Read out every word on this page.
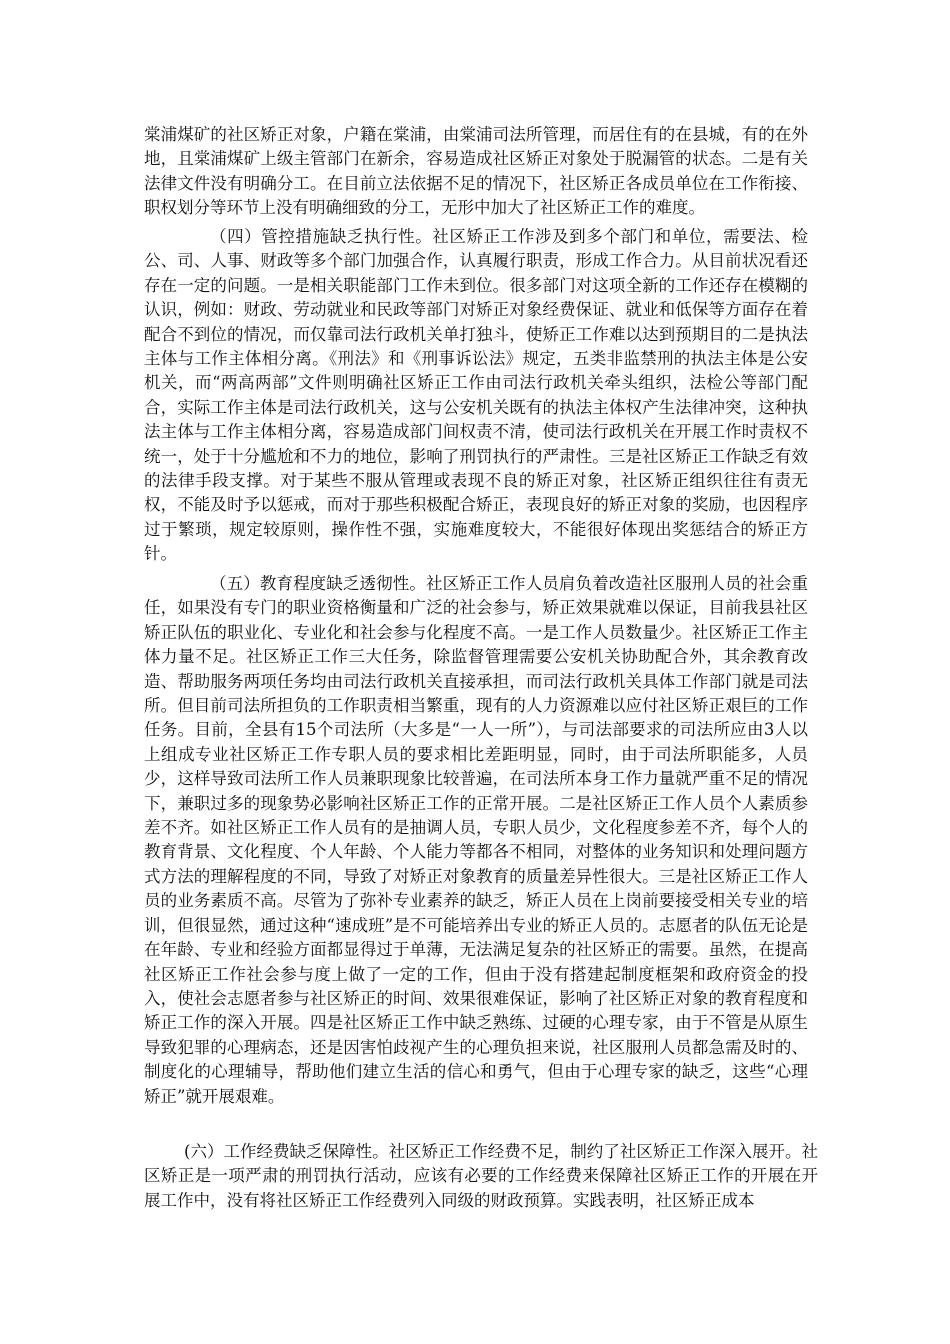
棠浦煤矿的社区矫正对象，户籍在棠浦，由棠浦司法所管理，而居住有的在县城，有的在外地，且棠浦煤矿上级主管部门在新余，容易造成社区矫正对象处于脱漏管的状态。二是有关法律文件没有明确分工。在目前立法依据不足的情况下，社区矫正各成员单位在工作衔接、职权划分等环节上没有明确细致的分工，无形中加大了社区矫正工作的难度。

（四）管控措施缺乏执行性。社区矫正工作涉及到多个部门和单位，需要法、检公、司、人事、财政等多个部门加强合作，认真履行职责，形成工作合力。从目前状况看还存在一定的问题。一是相关职能部门工作未到位。很多部门对这项全新的工作还存在模糊的认识，例如：财政、劳动就业和民政等部门对矫正对象经费保证、就业和低保等方面存在着配合不到位的情况，而仅靠司法行政机关单打独斗，使矫正工作难以达到预期目的二是执法主体与工作主体相分离。《刑法》和《刑事诉讼法》规定，五类非监禁刑的执法主体是公安机关，而“两高两部”文件则明确社区矫正工作由司法行政机关牵头组织，法检公等部门配合，实际工作主体是司法行政机关，这与公安机关既有的执法主体权产生法律冲突，这种执法主体与工作主体相分离，容易造成部门间权责不清，使司法行政机关在开展工作时责权不统一，处于十分尴尬和不力的地位，影响了刑罚执行的严肃性。三是社区矫正工作缺乏有效的法律手段支撑。对于某些不服从管理或表现不良的矫正对象，社区矫正组织往往有责无权，不能及时予以惩戒，而对于那些积极配合矫正，表现良好的矫正对象的奖励，也因程序过于繁琐，规定较原则，操作性不强，实施难度较大，不能很好体现出奖惩结合的矫正方针。

（五）教育程度缺乏透彻性。社区矫正工作人员肩负着改造社区服刑人员的社会重任，如果没有专门的职业资格衡量和广泛的社会参与，矫正效果就难以保证，目前我县社区矫正队伍的职业化、专业化和社会参与化程度不高。一是工作人员数量少。社区矫正工作主体力量不足。社区矫正工作三大任务，除监督管理需要公安机关协助配合外，其余教育改造、帮助服务两项任务均由司法行政机关直接承担，而司法行政机关具体工作部门就是司法所。但目前司法所担负的工作职责相当繁重，现有的人力资源难以应付社区矫正艰巨的工作任务。目前，全县有15个司法所（大多是“一人一所”），与司法部要求的司法所应由3人以上组成专业社区矫正工作专职人员的要求相比差距明显，同时，由于司法所职能多，人员少，这样导致司法所工作人员兼职现象比较普遍，在司法所本身工作力量就严重不足的情况下，兼职过多的现象势必影响社区矫正工作的正常开展。二是社区矫正工作人员个人素质参差不齐。如社区矫正工作人员有的是抽调人员，专职人员少，文化程度参差不齐，每个人的教育背景、文化程度、个人年龄、个人能力等都各不相同，对整体的业务知识和处理问题方式方法的理解程度的不同，导致了对矫正对象教育的质量差异性很大。三是社区矫正工作人员的业务素质不高。尽管为了弥补专业素养的缺乏，矫正人员在上岗前要接受相关专业的培训，但很显然，通过这种“速成班”是不可能培养出专业的矫正人员的。志愿者的队伍无论是在年龄、专业和经验方面都显得过于单薄，无法满足复杂的社区矫正的需要。虽然，在提高社区矫正工作社会参与度上做了一定的工作，但由于没有搭建起制度框架和政府资金的投入，使社会志愿者参与社区矫正的时间、效果很难保证，影响了社区矫正对象的教育程度和矫正工作的深入开展。四是社区矫正工作中缺乏熟练、过硬的心理专家，由于不管是从原生导致犯罪的心理病态，还是因害怕歧视产生的心理负担来说，社区服刑人员都急需及时的、制度化的心理辅导，帮助他们建立生活的信心和勇气，但由于心理专家的缺乏，这些“心理矫正”就开展艰难。

(六）工作经费缺乏保障性。社区矫正工作经费不足，制约了社区矫正工作深入展开。社区矫正是一项严肃的刑罚执行活动，应该有必要的工作经费来保障社区矫正工作的开展在开展工作中，没有将社区矫正工作经费列入同级的财政预算。实践表明，社区矫正成本
